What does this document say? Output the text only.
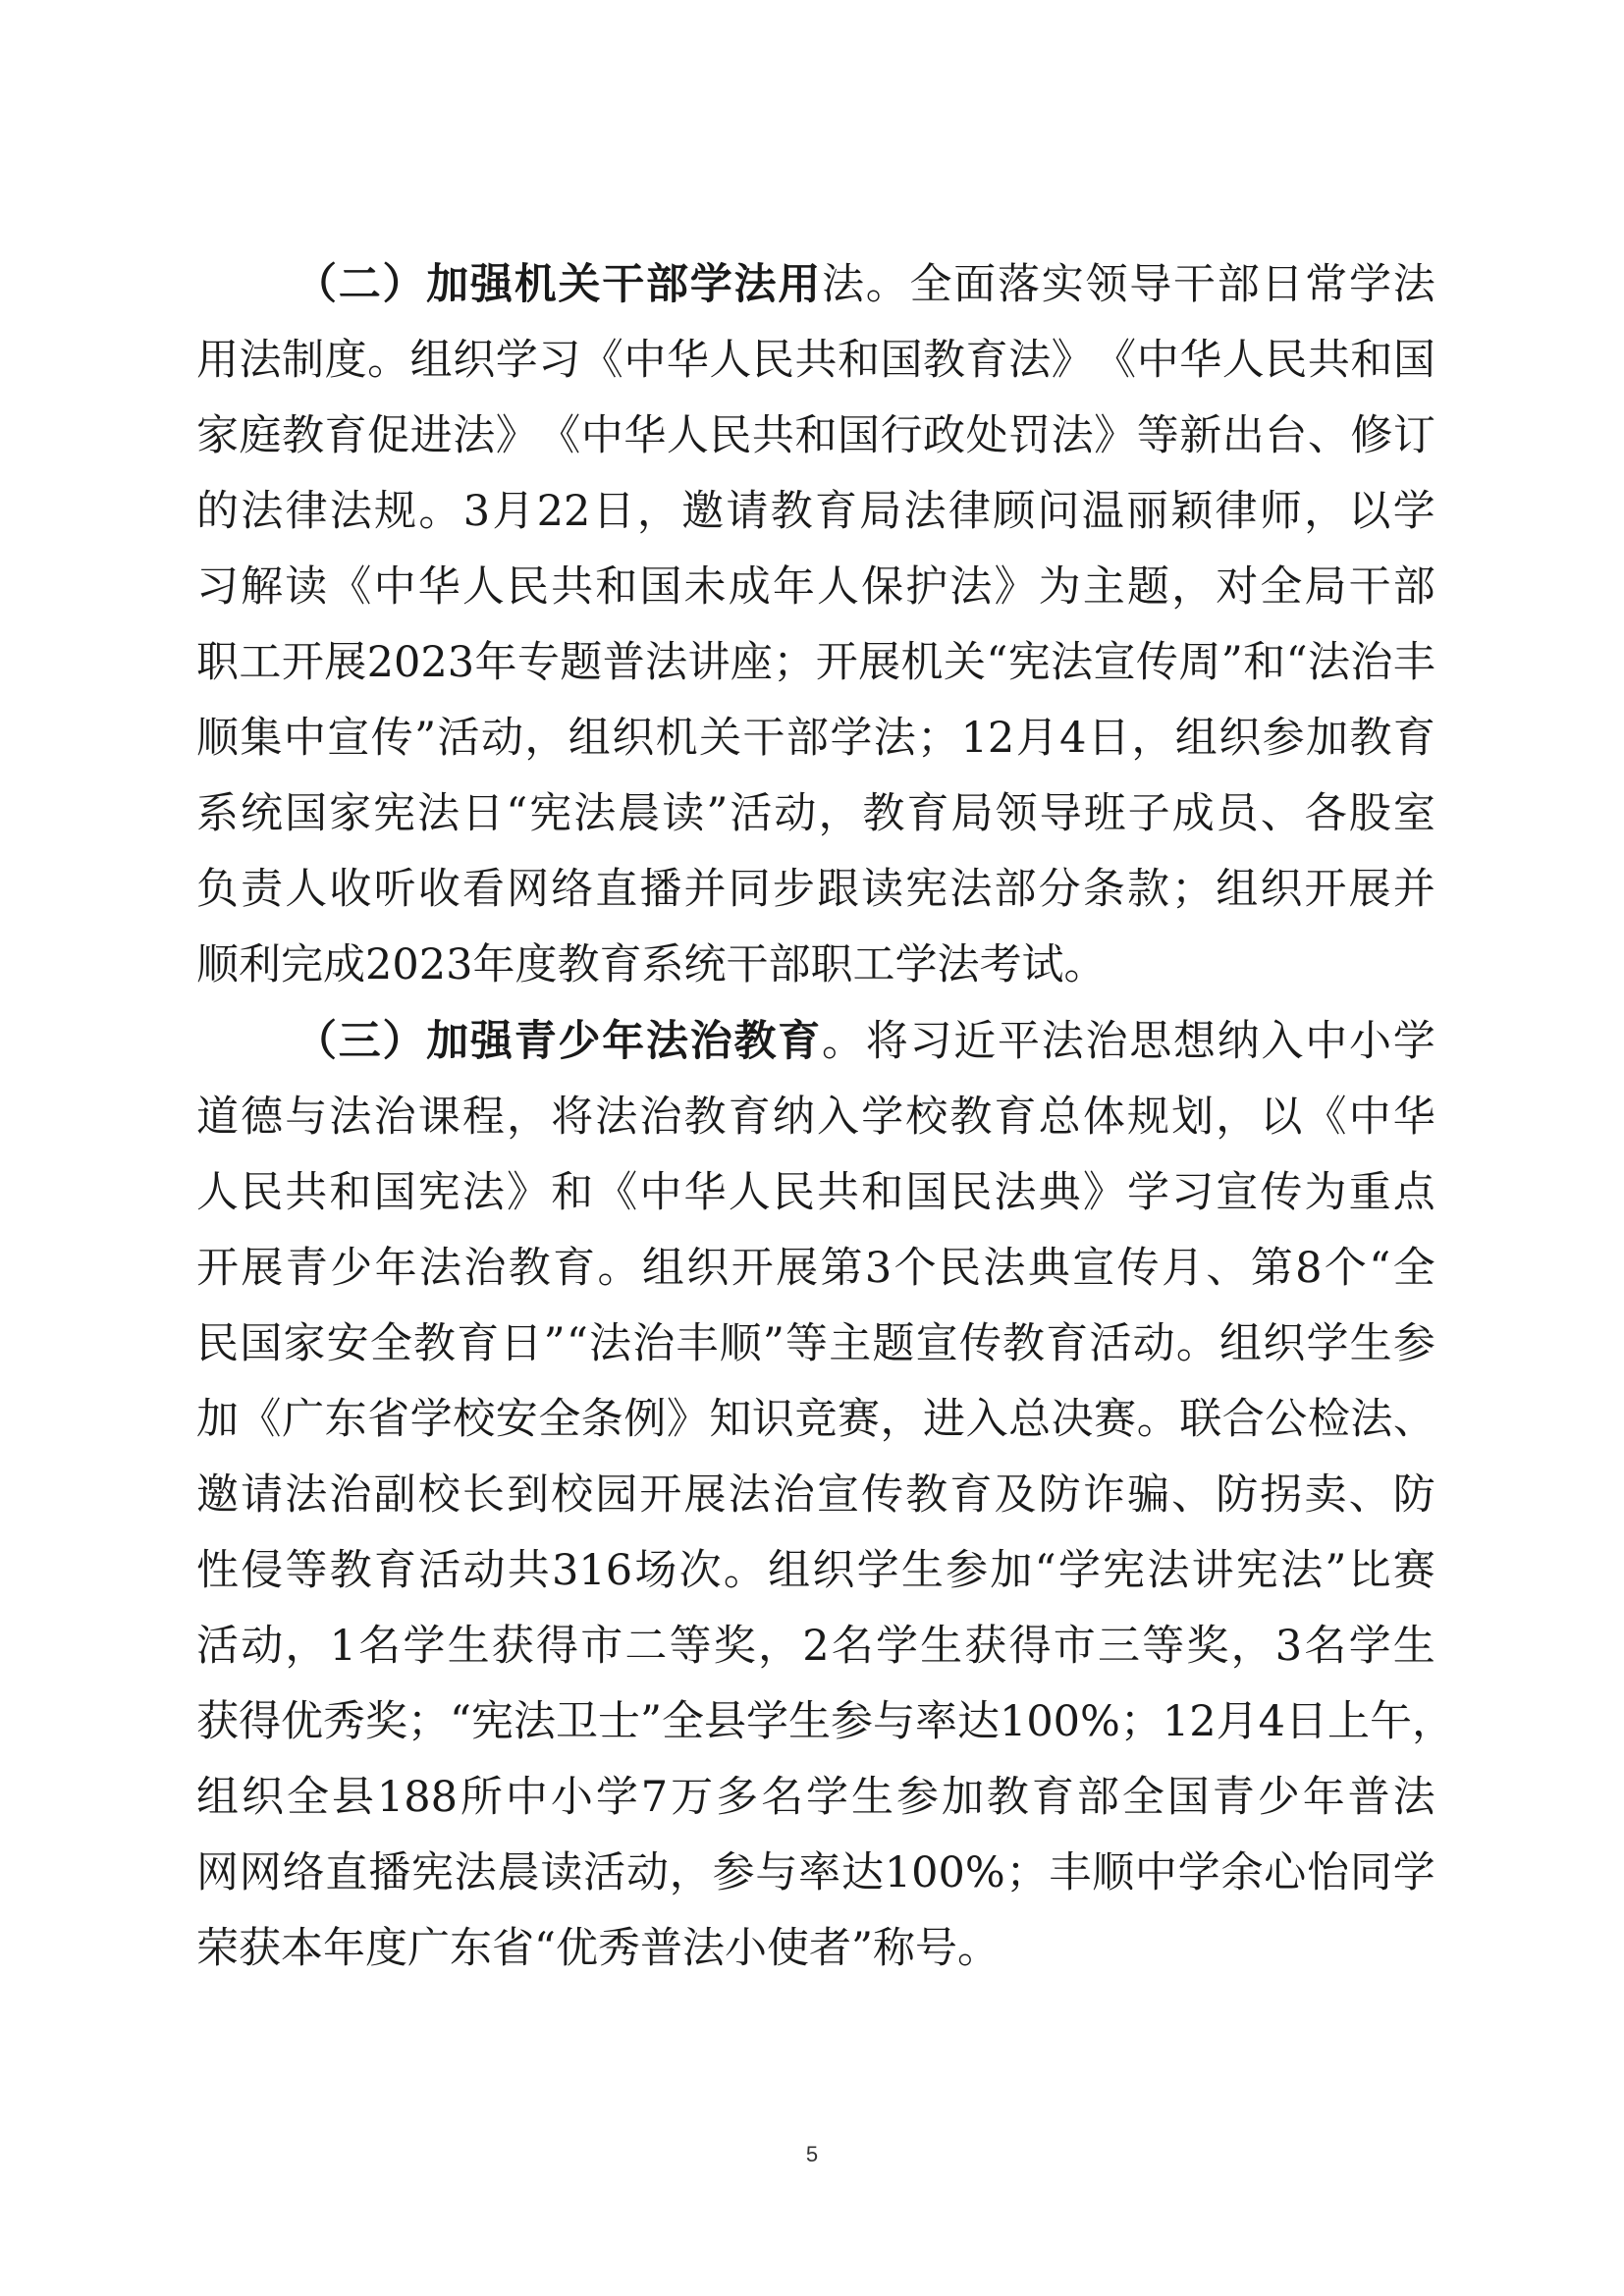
（ 二 ） 加 强 机 关 干 部 学 法 用 法 。 全 面 落 实 领 导 干 部 日 常 学 法
用 法 制 度 。 组 织 学 习 《 中 华 人 民 共 和 国 教 育 法 》 《 中 华 人 民 共 和 国
家 庭 教 育 促 进 法 》 《 中 华 人 民 共 和 国 行 政 处 罚 法 》 等 新 出 台 、 修 订
的 法 律 法 规 。 3 月 22 日 ， 邀 请 教 育 局 法 律 顾 问 温 丽 颖 律 师 ， 以 学
习 解 读 《 中 华 人 民 共 和 国 未 成 年 人 保 护 法 》 为 主 题 ， 对 全 局 干 部
职 工 开 展 2023 年 专 题 普 法 讲 座 ； 开 展 机 关 “ 宪 法 宣 传 周 ” 和 “ 法 治 丰
顺 集 中 宣 传 ” 活 动 ， 组 织 机 关 干 部 学 法 ； 12 月 4 日 ， 组 织 参 加 教 育
系 统 国 家 宪 法 日 “ 宪 法 晨 读 ” 活 动 ， 教 育 局 领 导 班 子 成 员 、 各 股 室
负 责 人 收 听 收 看 网 络 直 播 并 同 步 跟 读 宪 法 部 分 条 款 ； 组 织 开 展 并
顺 利 完 成 2023 年 度 教 育 系 统 干 部 职 工 学 法 考 试 。
（ 三 ） 加 强 青 少 年 法 治 教 育 。 将 习 近 平 法 治 思 想 纳 入 中 小 学
道 德 与 法 治 课 程 ， 将 法 治 教 育 纳 入 学 校 教 育 总 体 规 划 ， 以 《 中 华
人 民 共 和 国 宪 法 》 和 《 中 华 人 民 共 和 国 民 法 典 》 学 习 宣 传 为 重 点
开 展 青 少 年 法 治 教 育 。 组 织 开 展 第 3 个 民 法 典 宣 传 月 、 第 8 个 “ 全
民 国 家 安 全 教 育 日 ” “ 法 治 丰 顺 ” 等 主 题 宣 传 教 育 活 动 。 组 织 学 生 参
加 《 广 东 省 学 校 安 全 条 例 》 知 识 竞 赛 ， 进 入 总 决 赛 。 联 合 公 检 法 、
邀 请 法 治 副 校 长 到 校 园 开 展 法 治 宣 传 教 育 及 防 诈 骗 、 防 拐 卖 、 防
性 侵 等 教 育 活 动 共 316 场 次 。 组 织 学 生 参 加 “ 学 宪 法 讲 宪 法 ” 比 赛
活 动 ， 1 名 学 生 获 得 市 二 等 奖 ， 2 名 学 生 获 得 市 三 等 奖 ， 3 名 学 生
获 得 优 秀 奖 ； “ 宪 法 卫 士 ” 全 县 学 生 参 与 率 达 100% ； 12 月 4 日 上 午 ，
组 织 全 县 188 所 中 小 学 7 万 多 名 学 生 参 加 教 育 部 全 国 青 少 年 普 法
网 网 络 直 播 宪 法 晨 读 活 动 ， 参 与 率 达 100% ； 丰 顺 中 学 余 心 怡 同 学
荣 获 本 年 度 广 东 省 “ 优 秀 普 法 小 使 者 ” 称 号 。
5
